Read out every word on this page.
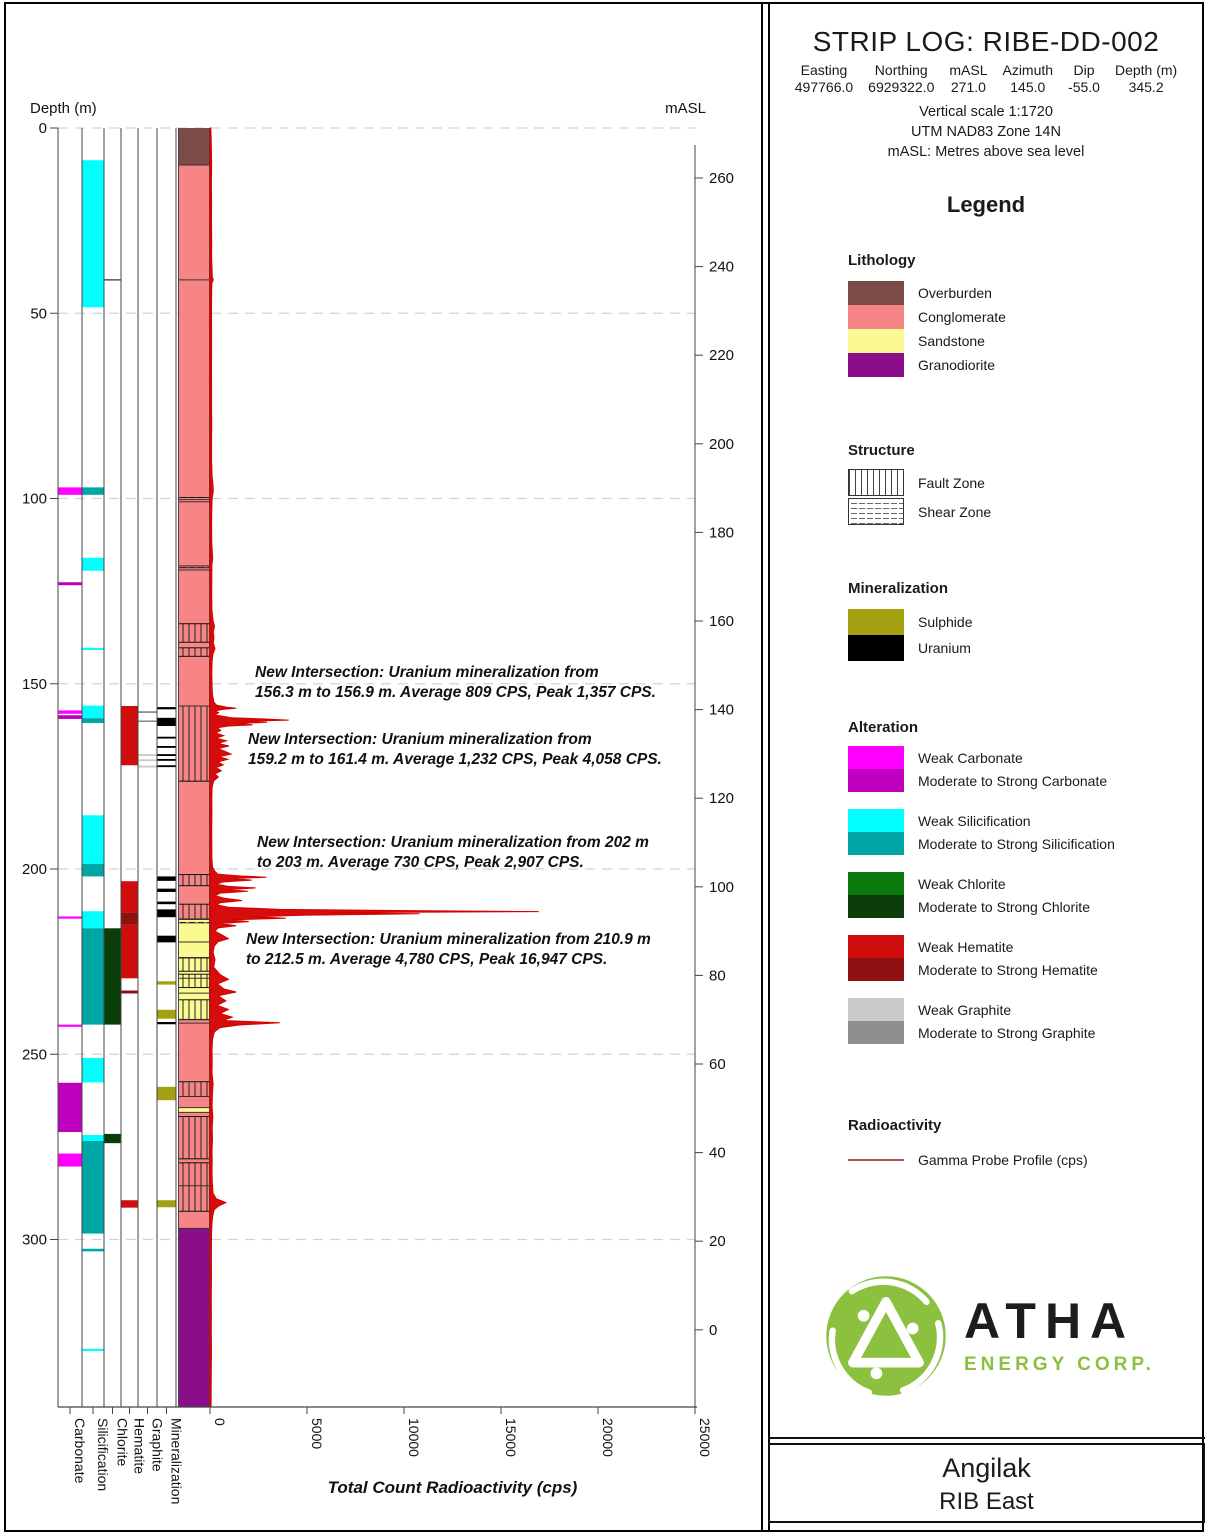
0
50
100
150
200
250
300
Depth (m)	mASL
260
240
220
200
180
160
140
120
100
80
60
40
20
0
0	5000	10000	15000	20000	25000
Carbonate Silicification Chlorite Hematite Graphite Mineralization	Total Count Radioactivity (cps)
New Intersection: Uranium mineralization from
156.3 m to 156.9 m. Average 809 CPS, Peak 1,357 CPS.
New Intersection: Uranium mineralization from
159.2 m to 161.4 m. Average 1,232 CPS, Peak 4,058 CPS.
New Intersection: Uranium mineralization from 202 m
to 203 m. Average 730 CPS, Peak 2,907 CPS.
New Intersection: Uranium mineralization from 210.9 m
to 212.5 m. Average 4,780 CPS, Peak 16,947 CPS.
STRIP LOG: RIBE-DD-002
Easting
497766.0
Northing
6929322.0
mASL
271.0
Azimuth
145.0
Dip
-55.0
Depth (m)
345.2
Vertical scale 1:1720
UTM NAD83 Zone 14N
mASL: Metres above sea level
Legend
Lithology
Overburden
Conglomerate
Sandstone
Granodiorite
Structure
Fault Zone
Shear Zone
Mineralization
Sulphide
Uranium
Alteration
Weak Carbonate
Moderate to Strong Carbonate
Weak Silicification
Moderate to Strong Silicification
Weak Chlorite
Moderate to Strong Chlorite
Weak Hematite
Moderate to Strong Hematite
Weak Graphite
Moderate to Strong Graphite
Radioactivity
Gamma Probe Profile (cps)
ATHA
ENERGY CORP.
Angilak
RIB East
